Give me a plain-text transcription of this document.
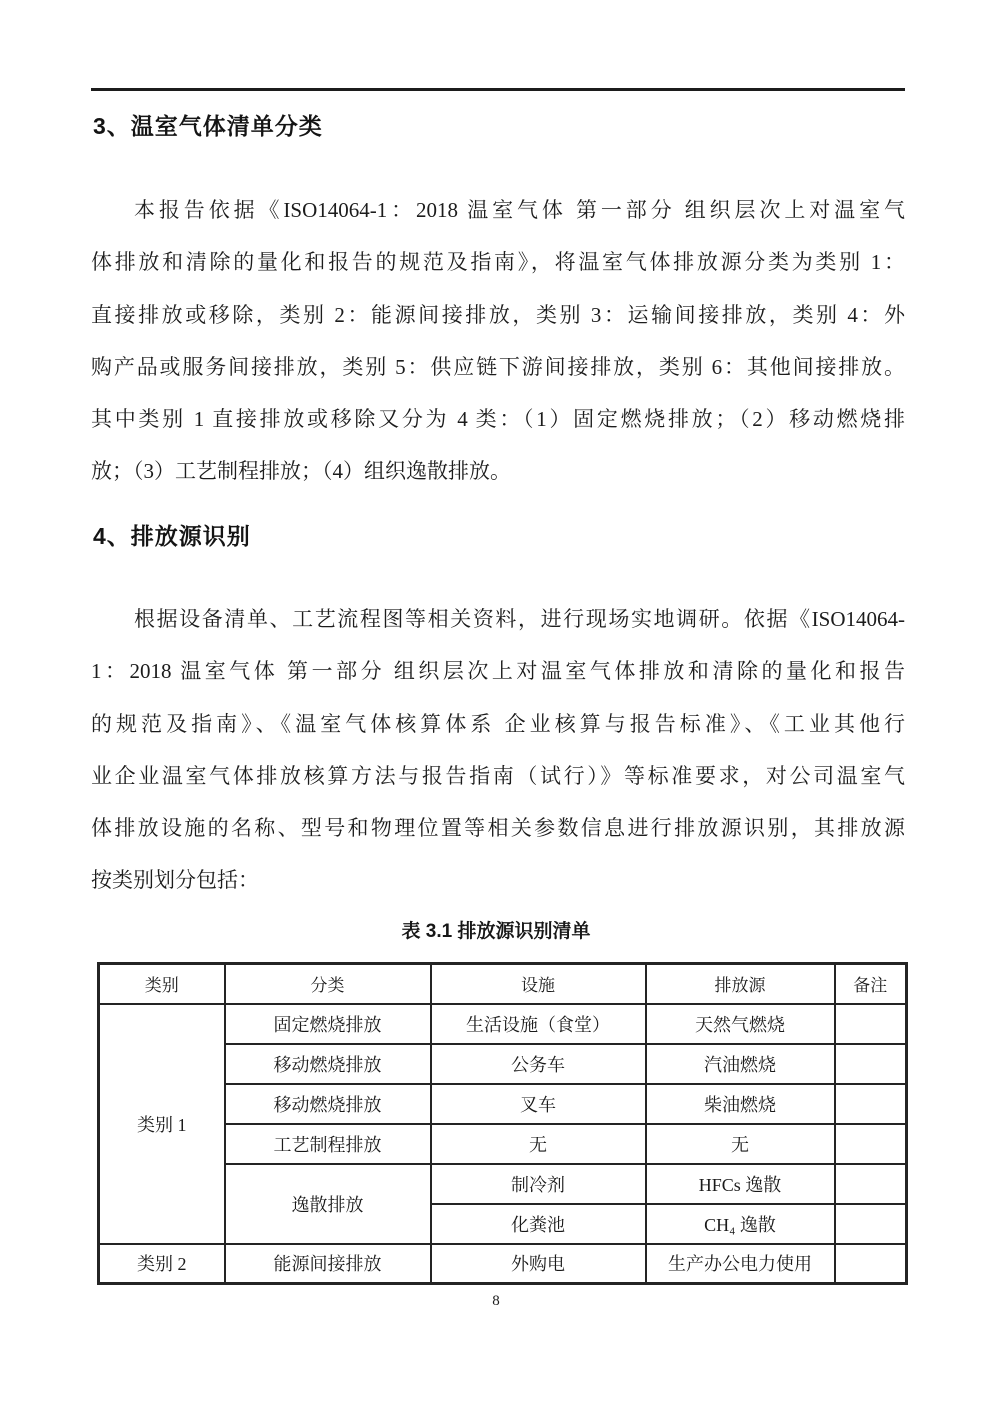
3、温室气体清单分类
本报告依据《ISO14064-1：2018 温室气体 第一部分 组织层次上对温室气
体排放和清除的量化和报告的规范及指南》，将温室气体排放源分类为类别 1：
直接排放或移除，类别 2：能源间接排放，类别 3：运输间接排放，类别 4：外
购产品或服务间接排放，类别 5：供应链下游间接排放，类别 6：其他间接排放。
其中类别 1 直接排放或移除又分为 4 类：（1）固定燃烧排放；（2）移动燃烧排
放；（3）工艺制程排放；（4）组织逸散排放。
4、排放源识别
根据设备清单、工艺流程图等相关资料，进行现场实地调研。依据《ISO14064-
1：2018 温室气体 第一部分 组织层次上对温室气体排放和清除的量化和报告
的规范及指南》、《温室气体核算体系 企业核算与报告标准》、《工业其他行
业企业温室气体排放核算方法与报告指南（试行）》等标准要求，对公司温室气
体排放设施的名称、型号和物理位置等相关参数信息进行排放源识别，其排放源
按类别划分包括：
表 3.1 排放源识别清单
类别	分类	设施	排放源	备注
类别 1	固定燃烧排放	生活设施（食堂）	天然气燃烧	
	移动燃烧排放	公务车	汽油燃烧	
	移动燃烧排放	叉车	柴油燃烧	
	工艺制程排放	无	无	
	逸散排放	制冷剂	HFCs 逸散	
		化粪池	CH₄ 逸散	
类别 2	能源间接排放	外购电	生产办公电力使用	
8
